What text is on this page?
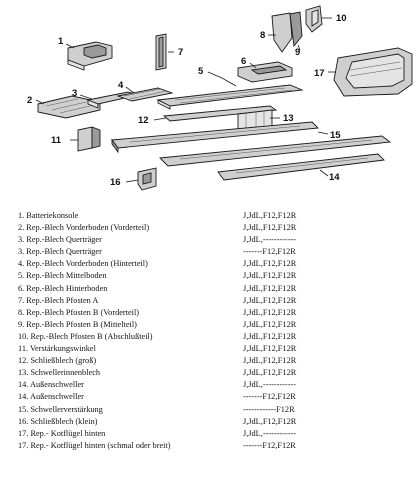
1
2
3
4
5
6
7
8
9
10
11
12	13
14
15
16
17
1. Batteriekonsole	J,JdL,F12,F12R
2. Rep.-Blech Vorderboden (Vorderteil)	J,JdL,F12,F12R
3. Rep.-Blech Querträger	J,JdL,------------
3. Rep.-Blech Querträger	-------F12,F12R
4. Rep.-Blech Vorderboden (Hinterteil)	J,JdL,F12,F12R
5. Rep.-Blech Mittelboden	J,JdL,F12,F12R
6. Rep.-Blech Hinterboden	J,JdL,F12,F12R
7. Rep.-Blech Pfosten A	J,JdL,F12,F12R
8. Rep.-Blech Pfosten B (Vorderteil)	J,JdL,F12,F12R
9. Rep.-Blech Pfosten B (Mittelteil)	J,JdL,F12,F12R
10. Rep.-Blech Pfosten B (Abschlußteil)	J,JdL,F12,F12R
11. Verstärkungswinkel	J,JdL,F12,F12R
12. Schließblech (groß)	J,JdL,F12,F12R
13. Schwellerinnenblech	J,JdL,F12,F12R
14. Außenschweller	J,JdL,------------
14. Außenschweller	-------F12,F12R
15. Schwellerverstärkung	------------F12R
16. Schließblech (klein)	J,JdL,F12,F12R
17. Rep.- Kotflügel hinten	J,JdL,------------
17. Rep.- Kotflügel hinten (schmal oder breit)	-------F12,F12R
